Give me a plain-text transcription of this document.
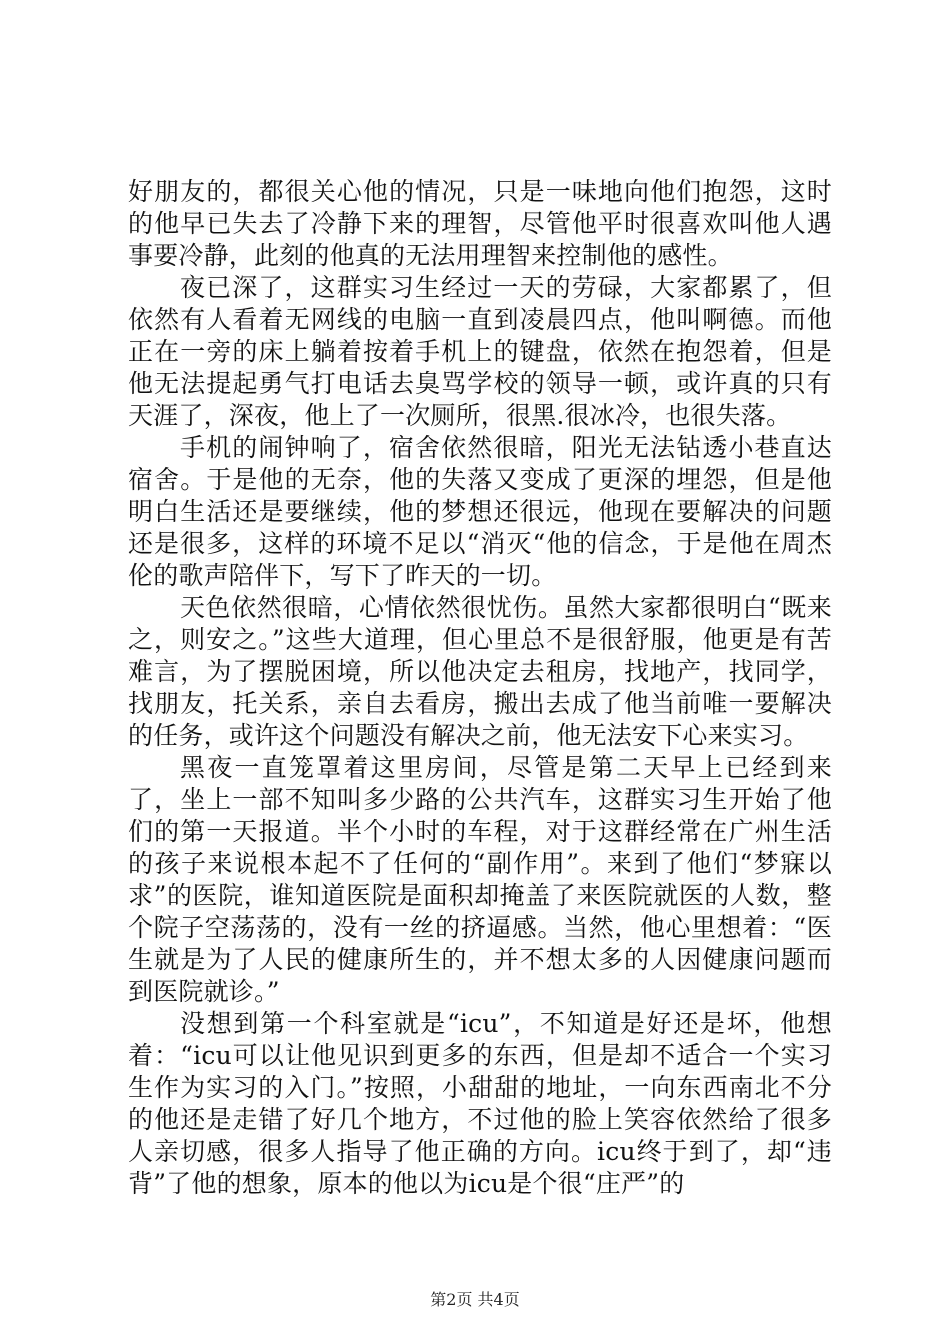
好朋友的，都很关心他的情况，只是一味地向他们抱怨，这时的他早已失去了冷静下来的理智，尽管他平时很喜欢叫他人遇事要冷静，此刻的他真的无法用理智来控制他的感性。

夜已深了，这群实习生经过一天的劳碌，大家都累了，但依然有人看着无网线的电脑一直到凌晨四点，他叫啊德。而他正在一旁的床上躺着按着手机上的键盘，依然在抱怨着，但是他无法提起勇气打电话去臭骂学校的领导一顿，或许真的只有天涯了，深夜，他上了一次厕所，很黑.很冰冷，也很失落。

手机的闹钟响了，宿舍依然很暗，阳光无法钻透小巷直达宿舍。于是他的无奈，他的失落又变成了更深的埋怨，但是他明白生活还是要继续，他的梦想还很远，他现在要解决的问题还是很多，这样的环境不足以“消灭“他的信念，于是他在周杰伦的歌声陪伴下，写下了昨天的一切。

天色依然很暗，心情依然很忧伤。虽然大家都很明白“既来之，则安之。”这些大道理，但心里总不是很舒服，他更是有苦难言，为了摆脱困境，所以他决定去租房，找地产，找同学，找朋友，托关系，亲自去看房，搬出去成了他当前唯一要解决的任务，或许这个问题没有解决之前，他无法安下心来实习。

黑夜一直笼罩着这里房间，尽管是第二天早上已经到来了，坐上一部不知叫多少路的公共汽车，这群实习生开始了他们的第一天报道。半个小时的车程，对于这群经常在广州生活的孩子来说根本起不了任何的“副作用”。来到了他们“梦寐以求”的医院，谁知道医院是面积却掩盖了来医院就医的人数，整个院子空荡荡的，没有一丝的挤逼感。当然，他心里想着：“医生就是为了人民的健康所生的，并不想太多的人因健康问题而到医院就诊。”

没想到第一个科室就是“icu”，不知道是好还是坏，他想着：“icu可以让他见识到更多的东西，但是却不适合一个实习生作为实习的入门。”按照，小甜甜的地址，一向东西南北不分的他还是走错了好几个地方，不过他的脸上笑容依然给了很多人亲切感，很多人指导了他正确的方向。icu终于到了，却“违背”了他的想象，原本的他以为icu是个很“庄严”的

第2页 共4页
